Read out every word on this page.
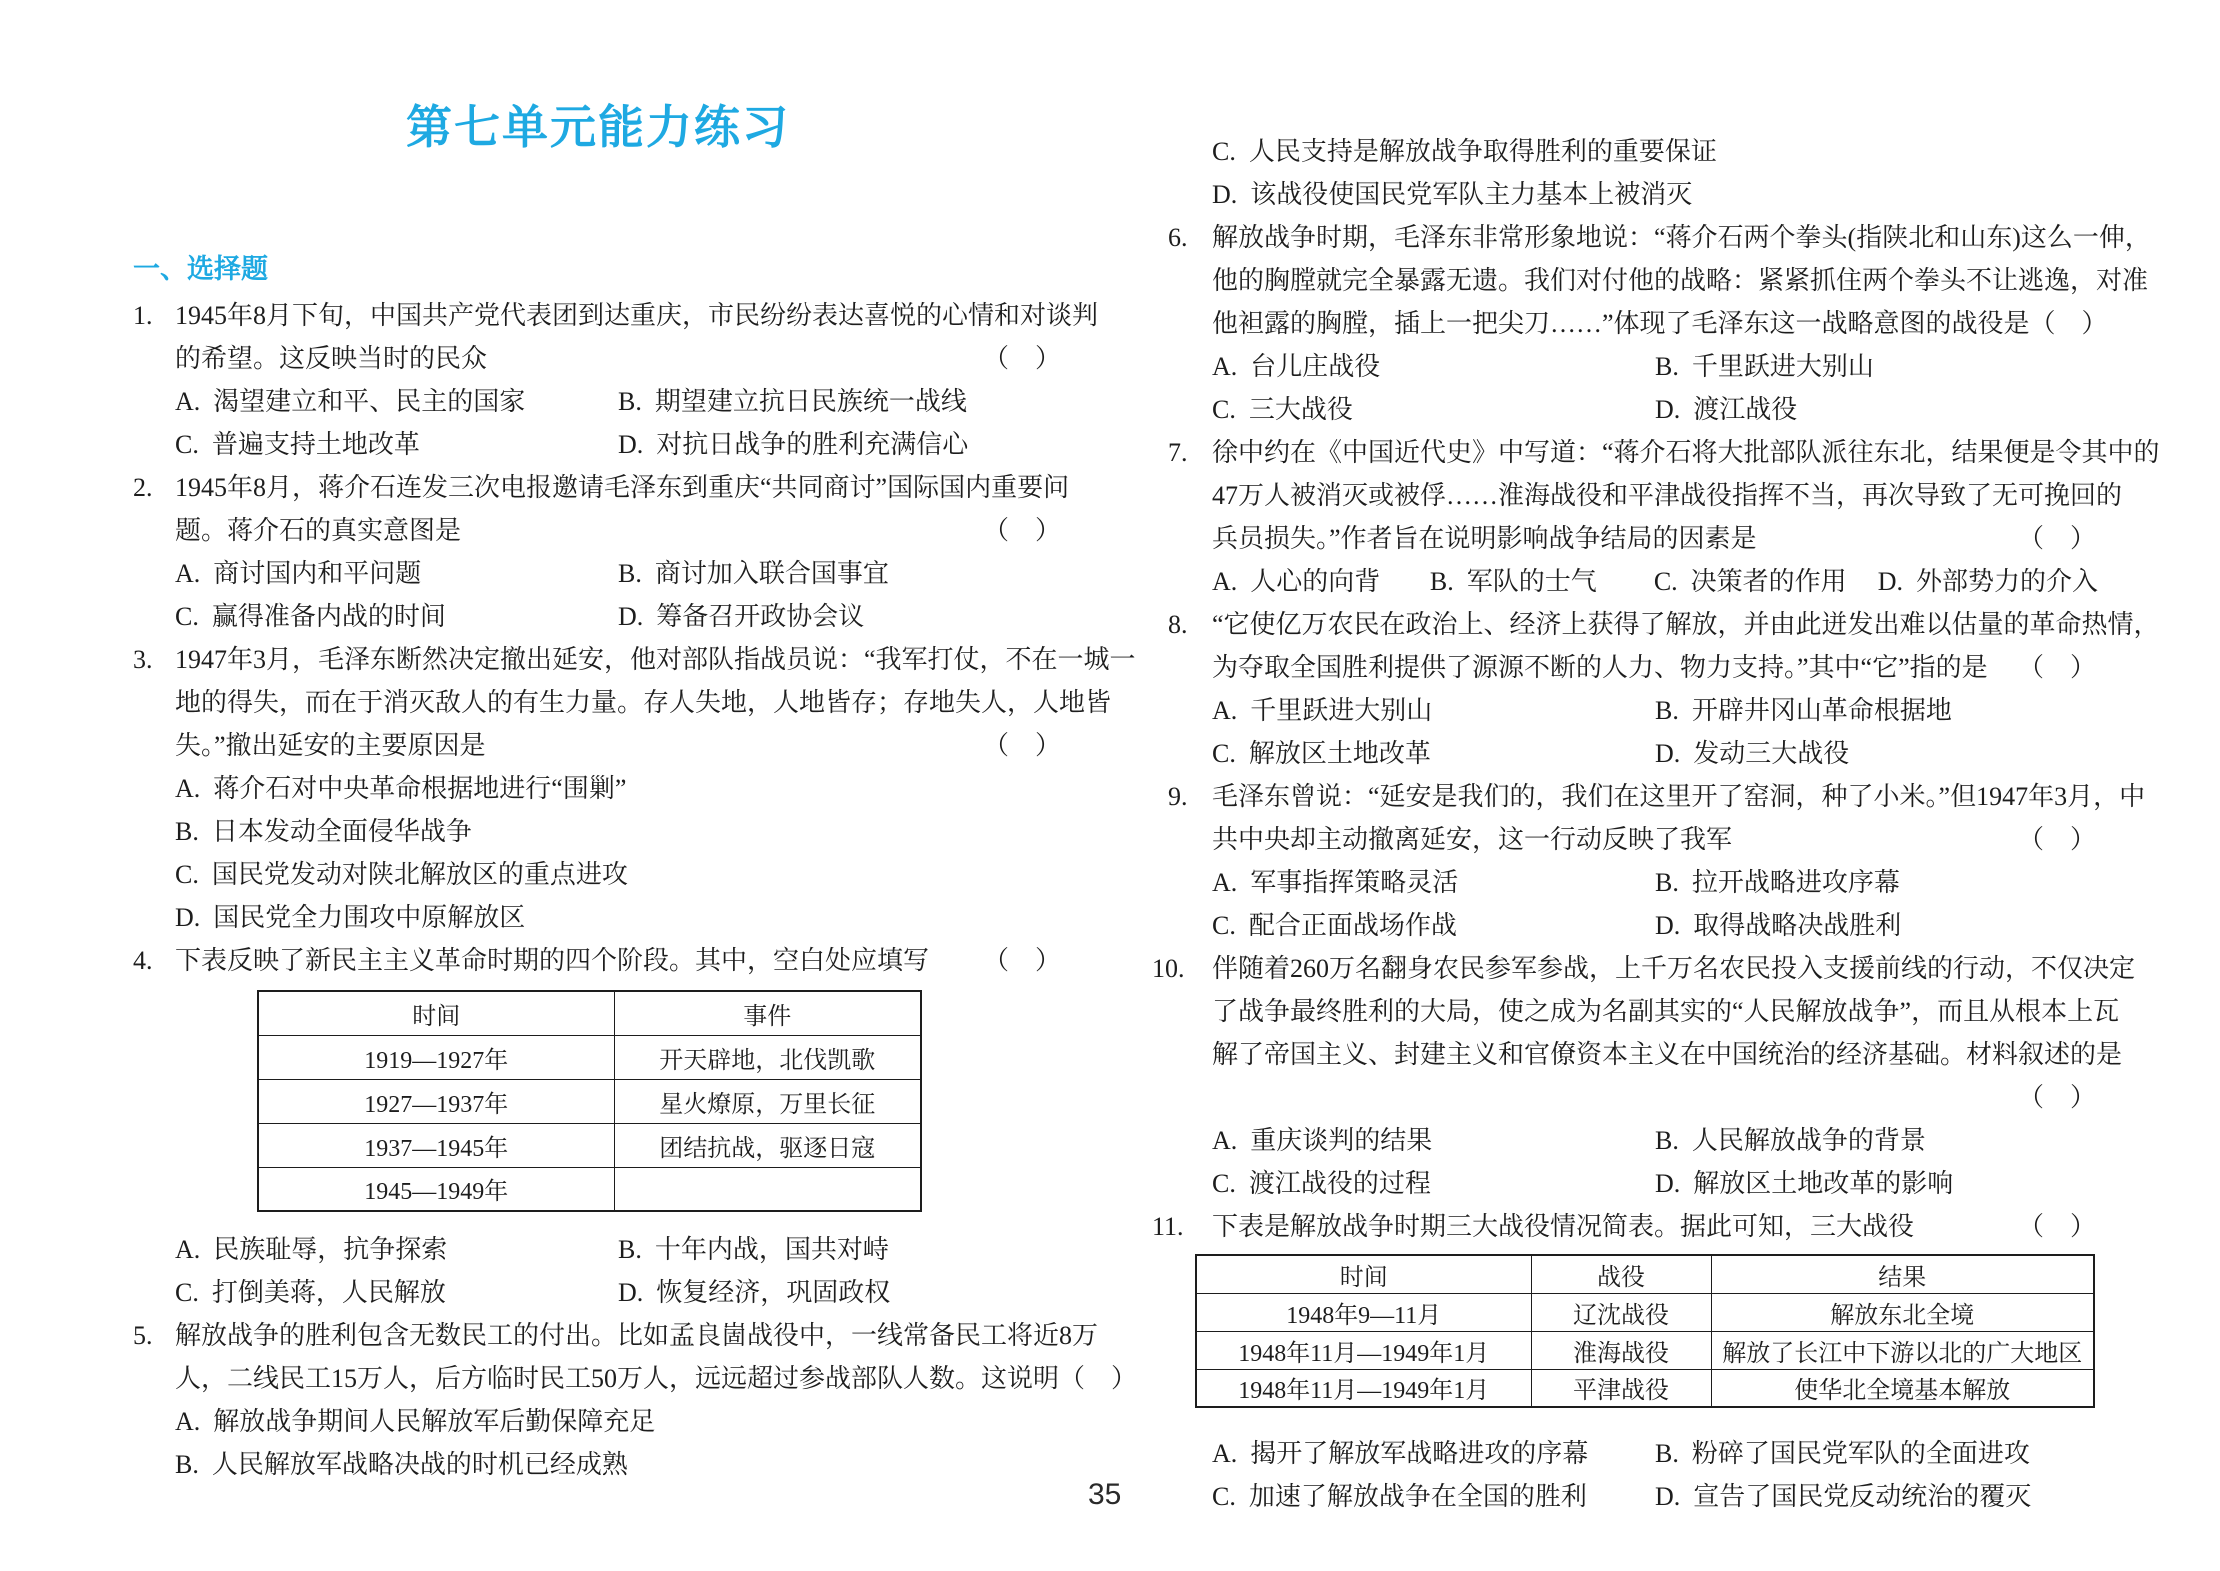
第七单元能力练习
一、选择题
1. 1945年8月下旬，中国共产党代表团到达重庆，市民纷纷表达喜悦的心情和对谈判
的希望。这反映当时的民众	（　）
A. 渴望建立和平、民主的国家	B. 期望建立抗日民族统一战线
C. 普遍支持土地改革	D. 对抗日战争的胜利充满信心
2. 1945年8月，蒋介石连发三次电报邀请毛泽东到重庆“共同商讨”国际国内重要问
题。蒋介石的真实意图是	（　）
A. 商讨国内和平问题	B. 商讨加入联合国事宜
C. 赢得准备内战的时间	D. 筹备召开政协会议
3. 1947年3月，毛泽东断然决定撤出延安，他对部队指战员说：“我军打仗，不在一城一
地的得失，而在于消灭敌人的有生力量。存人失地，人地皆存；存地失人，人地皆
失。”撤出延安的主要原因是	（　）
A. 蒋介石对中央革命根据地进行“围剿”
B. 日本发动全面侵华战争
C. 国民党发动对陕北解放区的重点进攻
D. 国民党全力围攻中原解放区
4. 下表反映了新民主主义革命时期的四个阶段。其中，空白处应填写 （　）
时间	事件
1919—1927年	开天辟地，北伐凯歌
1927—1937年	星火燎原，万里长征
1937—1945年	团结抗战，驱逐日寇
1945—1949年	
A. 民族耻辱，抗争探索	B. 十年内战，国共对峙
C. 打倒美蒋，人民解放	D. 恢复经济，巩固政权
5. 解放战争的胜利包含无数民工的付出。比如孟良崮战役中，一线常备民工将近8万
人，二线民工15万人，后方临时民工50万人，远远超过参战部队人数。这说明 （　）
A. 解放战争期间人民解放军后勤保障充足
B. 人民解放军战略决战的时机已经成熟
C. 人民支持是解放战争取得胜利的重要保证
D. 该战役使国民党军队主力基本上被消灭
6. 解放战争时期，毛泽东非常形象地说：“蒋介石两个拳头(指陕北和山东)这么一伸，
他的胸膛就完全暴露无遗。我们对付他的战略：紧紧抓住两个拳头不让逃逸，对准
他袒露的胸膛，插上一把尖刀……”体现了毛泽东这一战略意图的战役是 （　）
A. 台儿庄战役	B. 千里跃进大别山
C. 三大战役	D. 渡江战役
7. 徐中约在《中国近代史》中写道：“蒋介石将大批部队派往东北，结果便是令其中的
47万人被消灭或被俘……淮海战役和平津战役指挥不当，再次导致了无可挽回的
兵员损失。”作者旨在说明影响战争结局的因素是	（　）
A. 人心的向背	B. 军队的士气	C. 决策者的作用	D. 外部势力的介入
8. “它使亿万农民在政治上、经济上获得了解放，并由此迸发出难以估量的革命热情，
为夺取全国胜利提供了源源不断的人力、物力支持。”其中“它”指的是 （　）
A. 千里跃进大别山	B. 开辟井冈山革命根据地
C. 解放区土地改革	D. 发动三大战役
9. 毛泽东曾说：“延安是我们的，我们在这里开了窑洞，种了小米。”但1947年3月，中
共中央却主动撤离延安，这一行动反映了我军	（　）
A. 军事指挥策略灵活	B. 拉开战略进攻序幕
C. 配合正面战场作战	D. 取得战略决战胜利
10. 伴随着260万名翻身农民参军参战，上千万名农民投入支援前线的行动，不仅决定
了战争最终胜利的大局，使之成为名副其实的“人民解放战争”，而且从根本上瓦
解了帝国主义、封建主义和官僚资本主义在中国统治的经济基础。材料叙述的是
（　）
A. 重庆谈判的结果	B. 人民解放战争的背景
C. 渡江战役的过程	D. 解放区土地改革的影响
11. 下表是解放战争时期三大战役情况简表。据此可知，三大战役	（　）
时间	战役	结果
1948年9—11月	辽沈战役	解放东北全境
1948年11月—1949年1月	淮海战役	解放了长江中下游以北的广大地区
1948年11月—1949年1月	平津战役	使华北全境基本解放
A. 揭开了解放军战略进攻的序幕	B. 粉碎了国民党军队的全面进攻
C. 加速了解放战争在全国的胜利	D. 宣告了国民党反动统治的覆灭
35
